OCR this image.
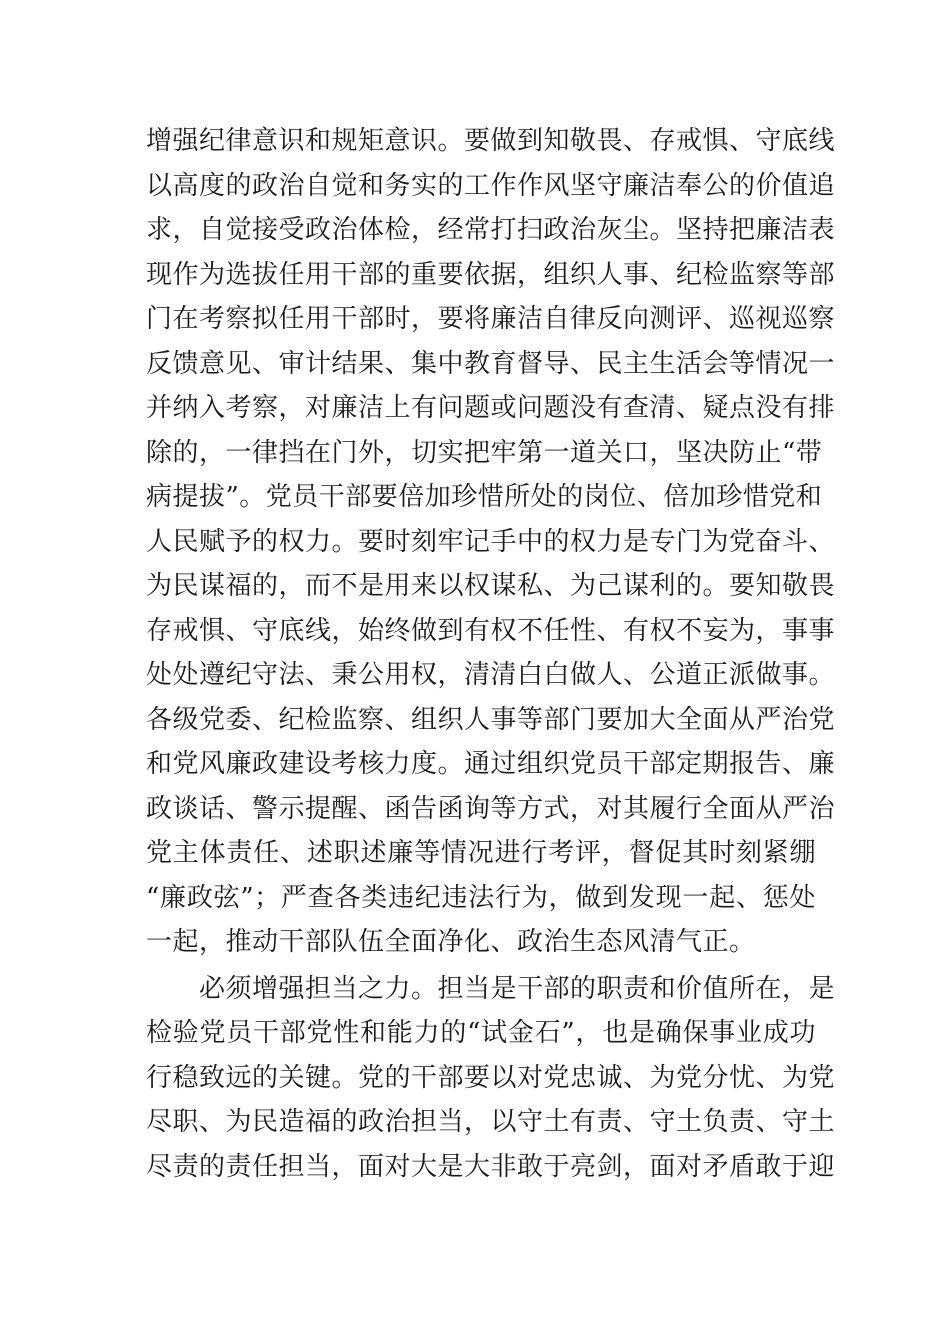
增强纪律意识和规矩意识。要做到知敬畏、存戒惧、守底线
以高度的政治自觉和务实的工作作风坚守廉洁奉公的价值追
求，自觉接受政治体检，经常打扫政治灰尘。坚持把廉洁表
现作为选拔任用干部的重要依据，组织人事、纪检监察等部
门在考察拟任用干部时，要将廉洁自律反向测评、巡视巡察
反馈意见、审计结果、集中教育督导、民主生活会等情况一
并纳入考察，对廉洁上有问题或问题没有查清、疑点没有排
除的，一律挡在门外，切实把牢第一道关口，坚决防止“带
病提拔”。党员干部要倍加珍惜所处的岗位、倍加珍惜党和
人民赋予的权力。要时刻牢记手中的权力是专门为党奋斗、
为民谋福的，而不是用来以权谋私、为己谋利的。要知敬畏
存戒惧、守底线，始终做到有权不任性、有权不妄为，事事
处处遵纪守法、秉公用权，清清白白做人、公道正派做事。
各级党委、纪检监察、组织人事等部门要加大全面从严治党
和党风廉政建设考核力度。通过组织党员干部定期报告、廉
政谈话、警示提醒、函告函询等方式，对其履行全面从严治
党主体责任、述职述廉等情况进行考评，督促其时刻紧绷
“廉政弦”；严查各类违纪违法行为，做到发现一起、惩处
一起，推动干部队伍全面净化、政治生态风清气正。
　　必须增强担当之力。担当是干部的职责和价值所在，是
检验党员干部党性和能力的“试金石”，也是确保事业成功
行稳致远的关键。党的干部要以对党忠诚、为党分忧、为党
尽职、为民造福的政治担当，以守土有责、守土负责、守土
尽责的责任担当，面对大是大非敢于亮剑，面对矛盾敢于迎
